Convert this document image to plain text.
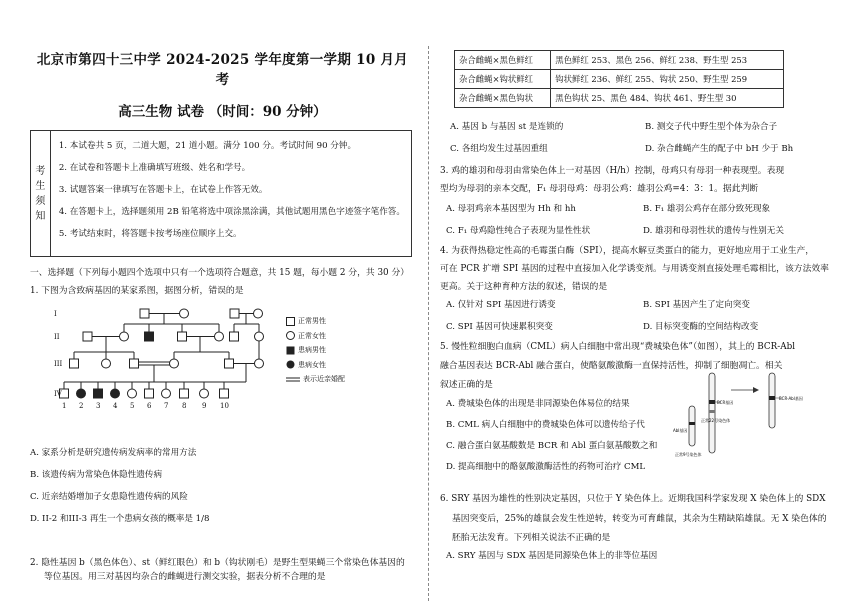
北京市第四十三中学 2024-2025 学年度第一学期 10 月月考

高三生物 试卷 （时间：90 分钟）

考
生
须
知
1. 本试卷共 5 页，二道大题，21 道小题。满分 100 分。考试时间 90 分钟。
2. 在试卷和答题卡上准确填写班级、姓名和学号。
3. 试题答案一律填写在答题卡上，在试卷上作答无效。
4. 在答题卡上，选择题须用 2B 铅笔将选中项涂黑涂满，其他试题用黑色字迹签字笔作答。
5. 考试结束时，将答题卡按考场座位顺序上交。
一、选择题（下列每小题四个选项中只有一个选项符合题意，共 15 题，每小题 2 分，共 30 分）
1. 下图为含致病基因的某家系图，据图分析，错误的是
I
II
III
IV
1 2 3 4 5 6 7 8 9 10
正常男性
正常女性
患病男性
患病女性
表示近亲婚配
A. 家系分析是研究遗传病发病率的常用方法
B. 该遗传病为常染色体隐性遗传病
C. 近亲结婚增加子女患隐性遗传病的风险
D. II-2 和III-3 再生一个患病女孩的概率是 1/8
2. 隐性基因 b（黑色体色）、st（鲜红眼色）和 b（钩状刚毛）是野生型果蝇三个常染色体基因的
等位基因。用三对基因均杂合的雌蝇进行测交实验，据表分析不合理的是
杂合雌蝇×黑色鲜红	黑色鲜红 253、黑色 256、鲜红 238、野生型 253
杂合雌蝇×钩状鲜红	钩状鲜红 236、鲜红 255、钩状 250、野生型 259
杂合雌蝇×黑色钩状	黑色钩状 25、黑色 484、钩状 461、野生型 30
A. 基因 b 与基因 st 是连锁的	B. 测交子代中野生型个体为杂合子
C. 各组均发生过基因重组	D. 杂合雌蝇产生的配子中 bH 少于 Bh
3. 鸡的雄羽和母羽由常染色体上一对基因（H/h）控制，母鸡只有母羽一种表现型。表现
型均为母羽的亲本交配，F₁ 母羽母鸡：母羽公鸡：雄羽公鸡=4：3：1。据此判断
A. 母羽鸡亲本基因型为 Hh 和 hh	B. F₁ 雄羽公鸡存在部分致死现象
C. F₁ 母鸡隐性纯合子表现为显性性状	D. 雄羽和母羽性状的遗传与性别无关
4. 为获得热稳定性高的毛霉蛋白酶（SPI），提高水解豆类蛋白的能力，更好地应用于工业生产，
可在 PCR 扩增 SPI 基因的过程中直接加入化学诱变剂。与用诱变剂直接处理毛霉相比，该方法效率
更高。关于这种育种方法的叙述，错误的是
A. 仅针对 SPI 基因进行诱变	B. SPI 基因产生了定向突变
C. SPI 基因可快速累积突变	D. 目标突变酶的空间结构改变
5. 慢性粒细胞白血病（CML）病人白细胞中常出现“费城染色体”（如图），其上的 BCR-Abl
融合基因表达 BCR-Abl 融合蛋白，使酪氨酸激酶一直保持活性，抑制了细胞凋亡。相关
叙述正确的是
A. 费城染色体的出现是非同源染色体易位的结果
B. CML 病人白细胞中的费城染色体可以遗传给子代
C. 融合蛋白氨基酸数是 BCR 和 Abl 蛋白氨基酸数之和
D. 提高细胞中的酪氨酸激酶活性的药物可治疗 CML
BCR基因
正常22号染色体
Abl基因
正常9号染色体
BCR-Abl基因
6. SRY 基因为雄性的性别决定基因，只位于 Y 染色体上。近期我国科学家发现 X 染色体上的 SDX
基因突变后，25%的雄鼠会发生性逆转，转变为可育雌鼠，其余为生精缺陷雄鼠。无 X 染色体的
胚胎无法发育。下列相关说法不正确的是
A. SRY 基因与 SDX 基因是同源染色体上的非等位基因
